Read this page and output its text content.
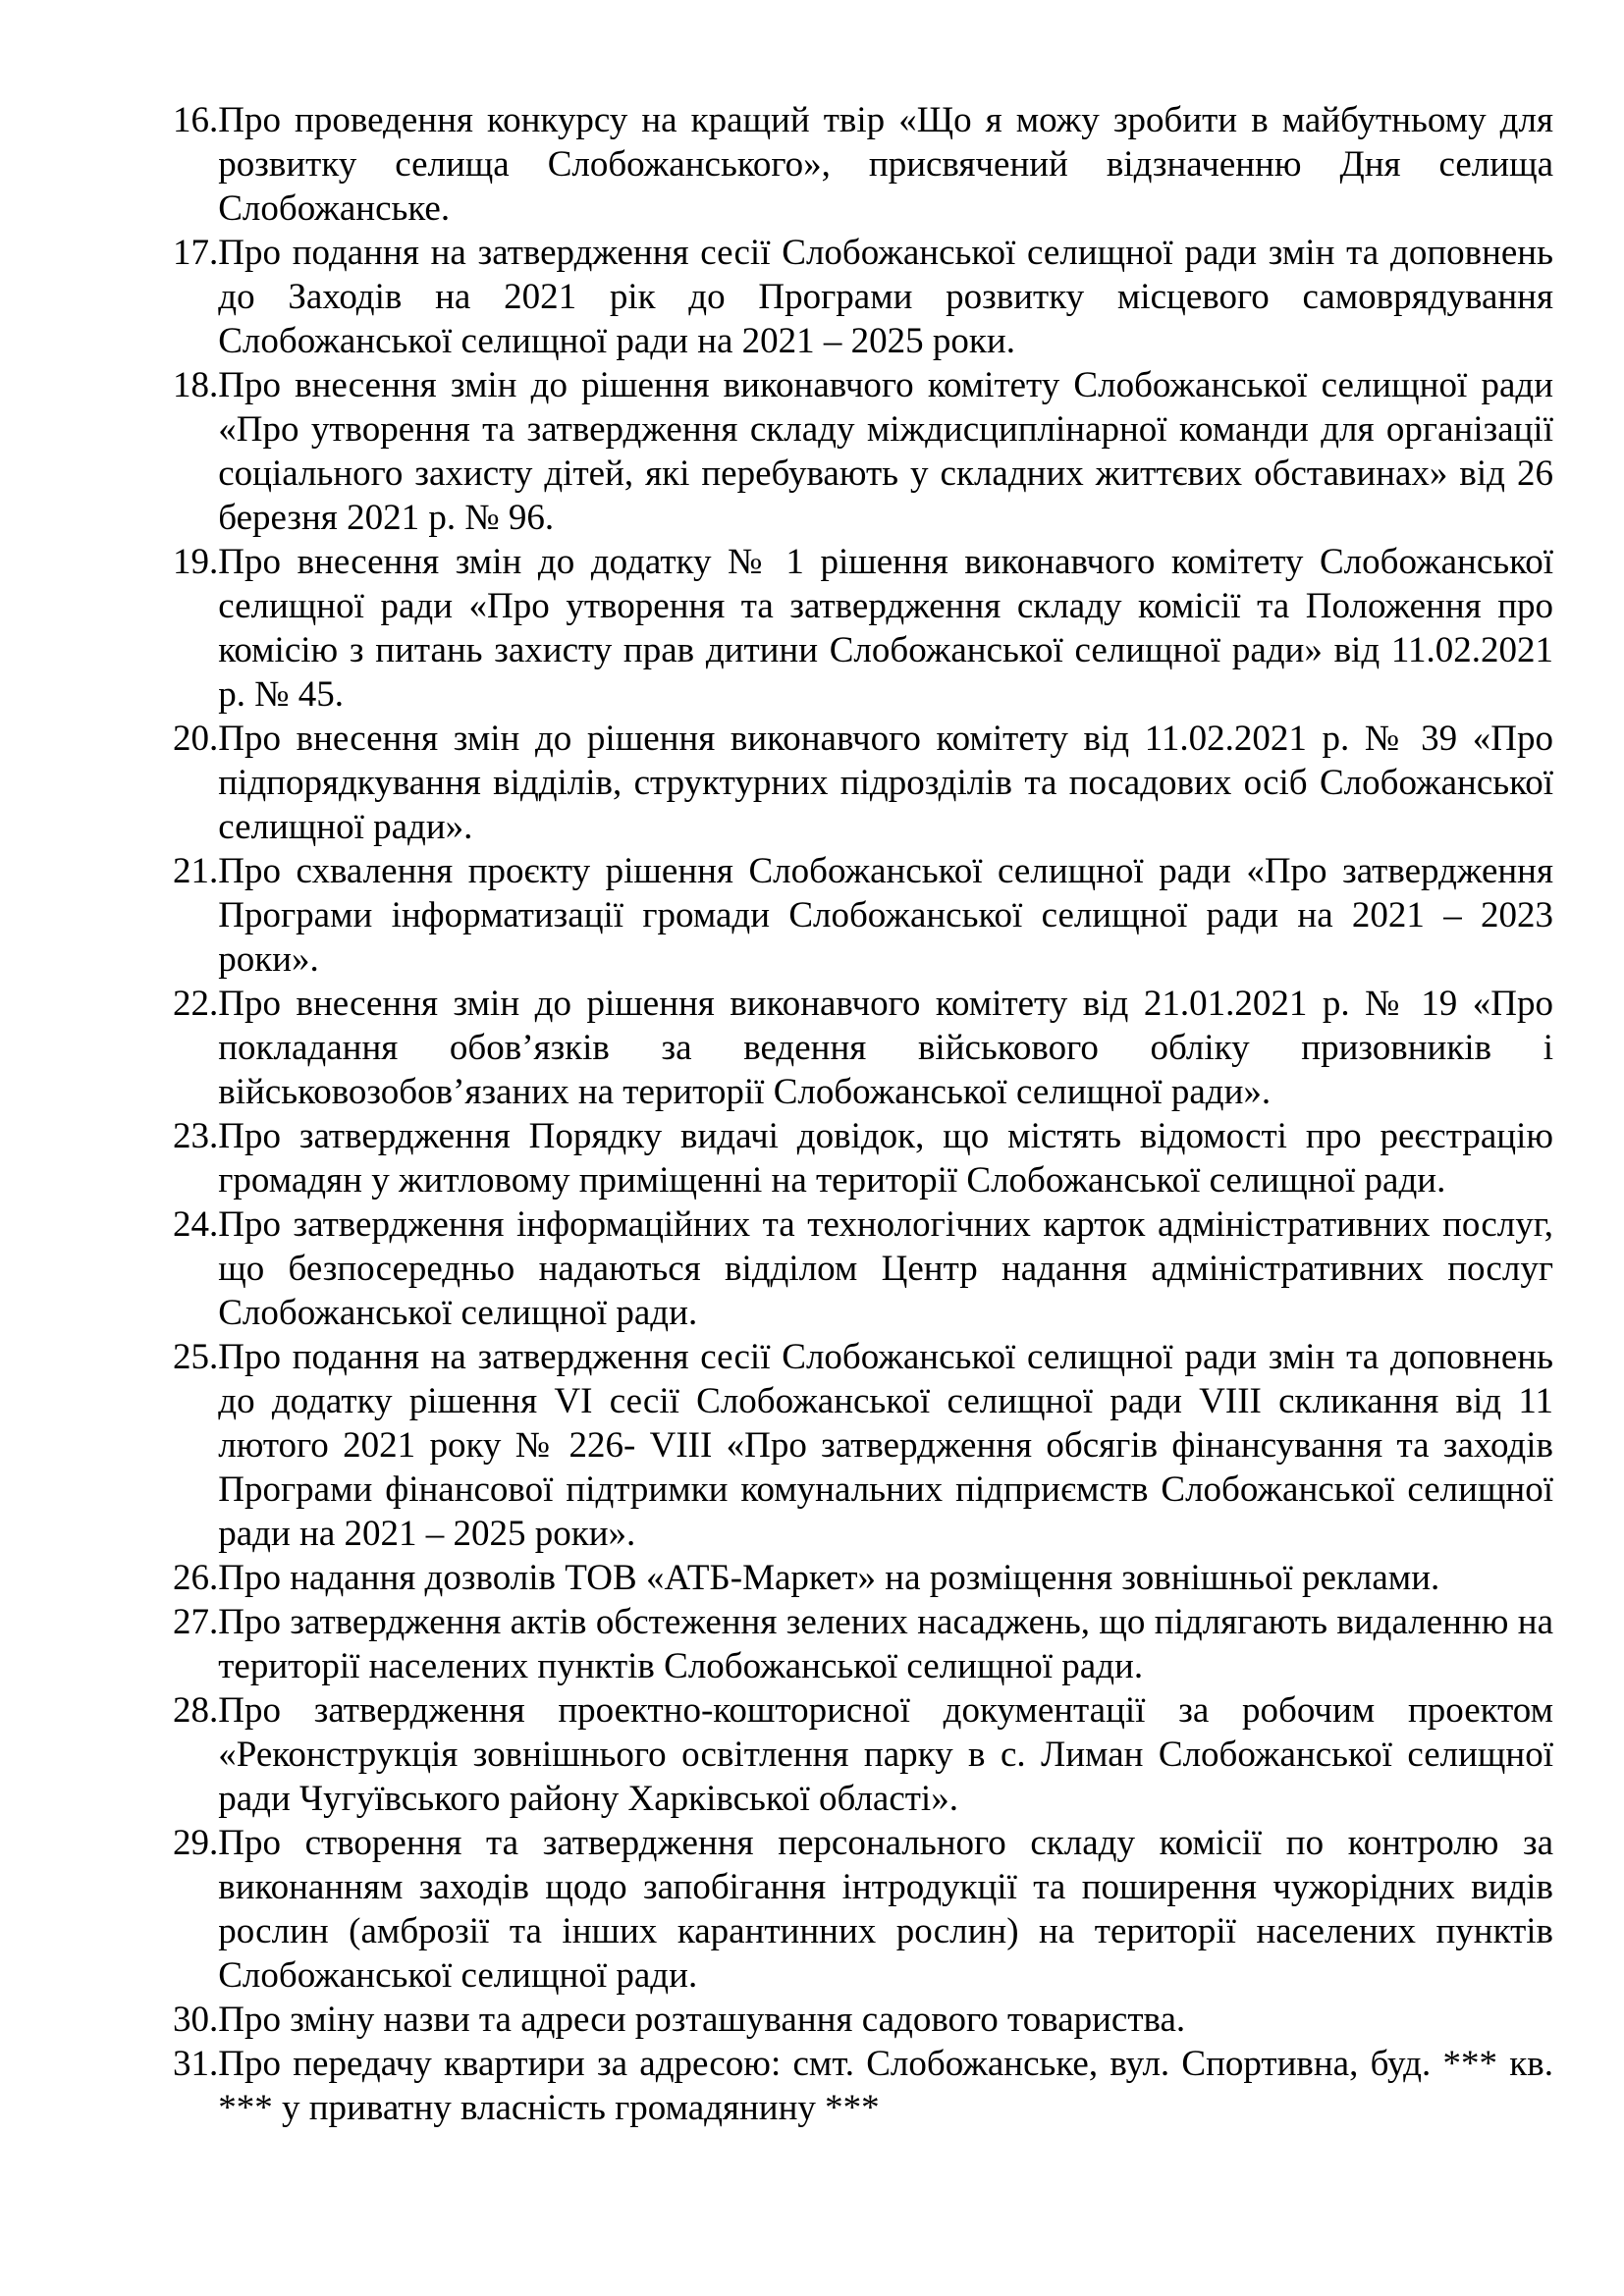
16. Про проведення конкурсу на кращий твір «Що я можу зробити в майбутньому для розвитку селища Слобожанського», присвячений відзначенню Дня селища Слобожанське.
17. Про подання на затвердження сесії Слобожанської селищної ради змін та доповнень до Заходів на 2021 рік до Програми розвитку місцевого самоврядування Слобожанської селищної ради на 2021 – 2025 роки.
18. Про внесення змін до рішення виконавчого комітету Слобожанської селищної ради «Про утворення та затвердження складу міждисциплінарної команди для організації соціального захисту дітей, які перебувають у складних життєвих обставинах» від 26 березня 2021 р. № 96.
19. Про внесення змін до додатку № 1 рішення виконавчого комітету Слобожанської селищної ради «Про утворення та затвердження складу комісії та Положення про комісію з питань захисту прав дитини Слобожанської селищної ради» від 11.02.2021 р. № 45.
20. Про внесення змін до рішення виконавчого комітету від 11.02.2021 р. № 39 «Про підпорядкування відділів, структурних підрозділів та посадових осіб Слобожанської селищної ради».
21. Про схвалення проєкту рішення Слобожанської селищної ради «Про затвердження Програми інформатизації громади Слобожанської селищної ради на 2021 – 2023 роки».
22. Про внесення змін до рішення виконавчого комітету від 21.01.2021 р. № 19 «Про покладання обов’язків за ведення військового обліку призовників і військовозобов’язаних на території Слобожанської селищної ради».
23. Про затвердження Порядку видачі довідок, що містять відомості про реєстрацію громадян у житловому приміщенні на території Слобожанської селищної ради.
24. Про затвердження інформаційних та технологічних карток адміністративних послуг, що безпосередньо надаються відділом Центр надання адміністративних послуг Слобожанської селищної ради.
25. Про подання на затвердження сесії Слобожанської селищної ради змін та доповнень до додатку рішення VI сесії Слобожанської селищної ради VIII скликання від 11 лютого 2021 року № 226- VIII «Про затвердження обсягів фінансування та заходів Програми фінансової підтримки комунальних підприємств Слобожанської селищної ради на 2021 – 2025 роки».
26. Про надання дозволів ТОВ «АТБ-Маркет» на розміщення зовнішньої реклами.
27. Про затвердження актів обстеження зелених насаджень, що підлягають видаленню на території населених пунктів Слобожанської селищної ради.
28. Про затвердження проектно-кошторисної документації за робочим проектом «Реконструкція зовнішнього освітлення парку в с. Лиман Слобожанської селищної ради Чугуївського району Харківської області».
29. Про створення та затвердження персонального складу комісії по контролю за виконанням заходів щодо запобігання інтродукції та поширення чужорідних видів рослин (амброзії та інших карантинних рослин) на території населених пунктів Слобожанської селищної ради.
30. Про зміну назви та адреси розташування садового товариства.
31. Про передачу квартири за адресою: смт. Слобожанське, вул. Спортивна, буд. *** кв. *** у приватну власність громадянину ***
